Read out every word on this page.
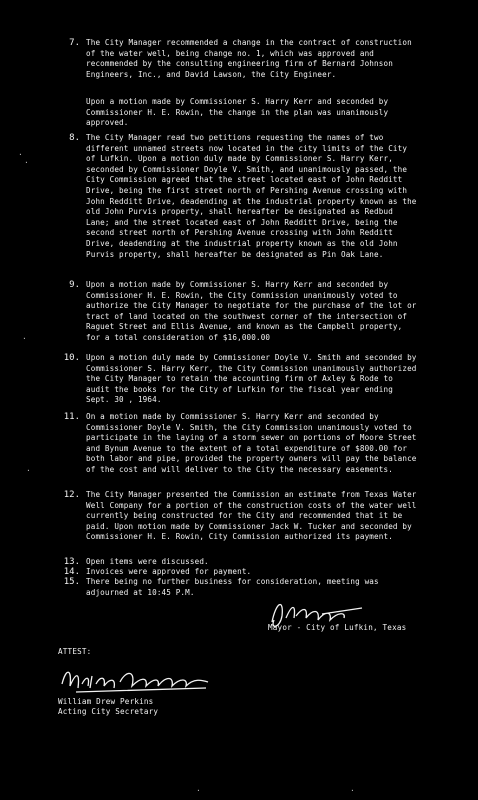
·
·
·
·
7. The City Manager recommended a change in the contract of construction of the water well, being change no. 1, which was approved and recommended by the consulting engineering firm of Bernard Johnson Engineers, Inc., and David Lawson, the City Engineer.
Upon a motion made by Commissioner S. Harry Kerr and seconded by Commissioner H. E. Rowin, the change in the plan was unanimously approved.
8. The City Manager read two petitions requesting the names of two different unnamed streets now located in the city limits of the City of Lufkin. Upon a motion duly made by Commissioner S. Harry Kerr, seconded by Commissioner Doyle V. Smith, and unanimously passed, the City Commission agreed that the street located east of John Redditt Drive, being the first street north of Pershing Avenue crossing with John Redditt Drive, deadending at the industrial property known as the old John Purvis property, shall hereafter be designated as Redbud Lane; and the street located east of John Redditt Drive, being the second street north of Pershing Avenue crossing with John Redditt Drive, deadending at the industrial property known as the old John Purvis property, shall hereafter be designated as Pin Oak Lane.
9. Upon a motion made by Commissioner S. Harry Kerr and seconded by Commissioner H. E. Rowin, the City Commission unanimously voted to authorize the City Manager to negotiate for the purchase of the lot or tract of land located on the southwest corner of the intersection of Raguet Street and Ellis Avenue, and known as the Campbell property, for a total consideration of $16,000.00
10. Upon a motion duly made by Commissioner Doyle V. Smith and seconded by Commissioner S. Harry Kerr, the City Commission unanimously authorized the City Manager to retain the accounting firm of Axley & Rode to audit the books for the City of Lufkin for the fiscal year ending Sept. 30 , 1964.
11. On a motion made by Commissioner S. Harry Kerr and seconded by Commissioner Doyle V. Smith, the City Commission unanimously voted to participate in the laying of a storm sewer on portions of Moore Street and Bynum Avenue to the extent of a total expenditure of $800.00 for both labor and pipe, provided the property owners will pay the balance of the cost and will deliver to the City the necessary easements.
12. The City Manager presented the Commission an estimate from Texas Water Well Company for a portion of the construction costs of the water well currently being constructed for the City and recommended that it be paid. Upon motion made by Commissioner Jack W. Tucker and seconded by Commissioner H. E. Rowin, City Commission authorized its payment.
13. Open items were discussed.
14. Invoices were approved for payment.
15. There being no further business for consideration, meeting was adjourned at 10:45 P.M.
Mayor - City of Lufkin, Texas
ATTEST:
William Drew Perkins
Acting City Secretary
·	·
